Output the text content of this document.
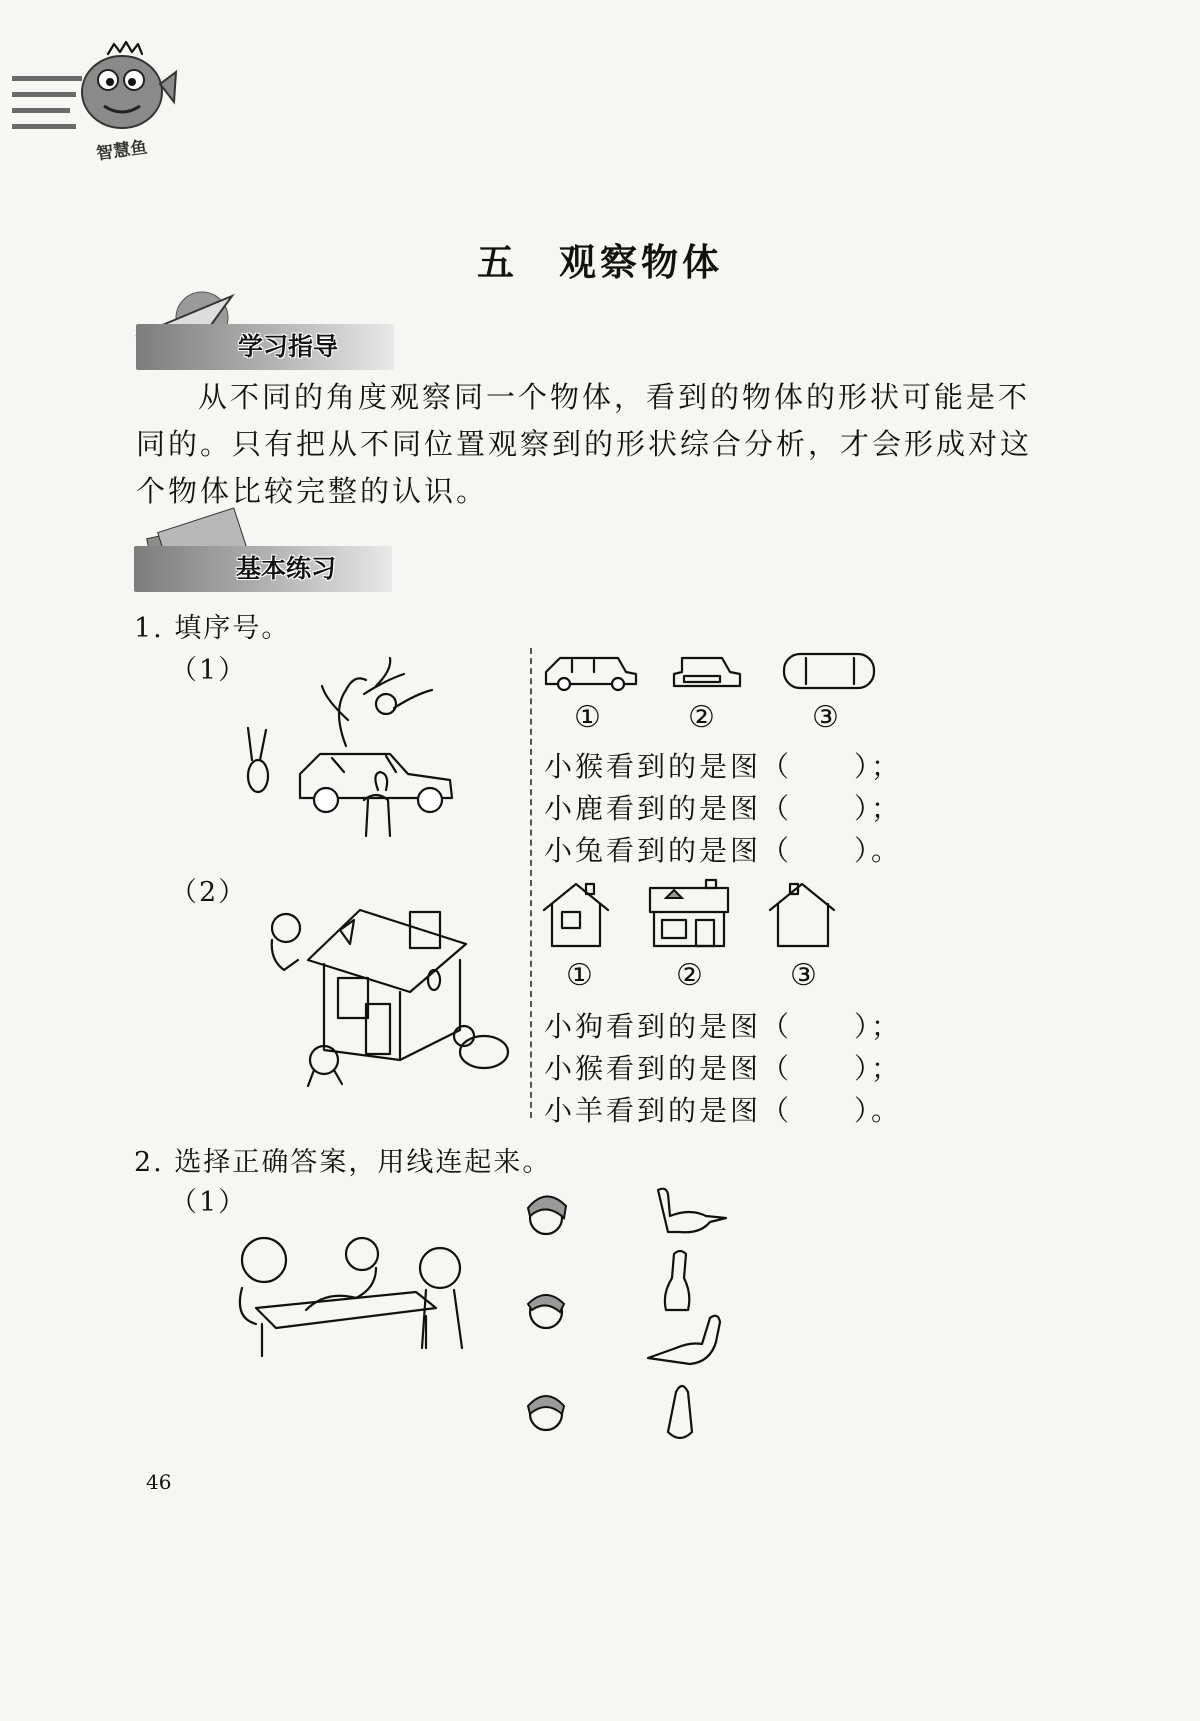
智慧鱼
五　观察物体
学习指导
从不同的角度观察同一个物体，看到的物体的形状可能是不
同的。只有把从不同位置观察到的形状综合分析，才会形成对这
个物体比较完整的认识。
基本练习
1. 填序号。
（1）
①	②	③
小猴看到的是图（　　）；
小鹿看到的是图（　　）；
小兔看到的是图（　　）。
（2）
①	②	③
小狗看到的是图（　　）；
小猴看到的是图（　　）；
小羊看到的是图（　　）。
2. 选择正确答案，用线连起来。
（1）
46
